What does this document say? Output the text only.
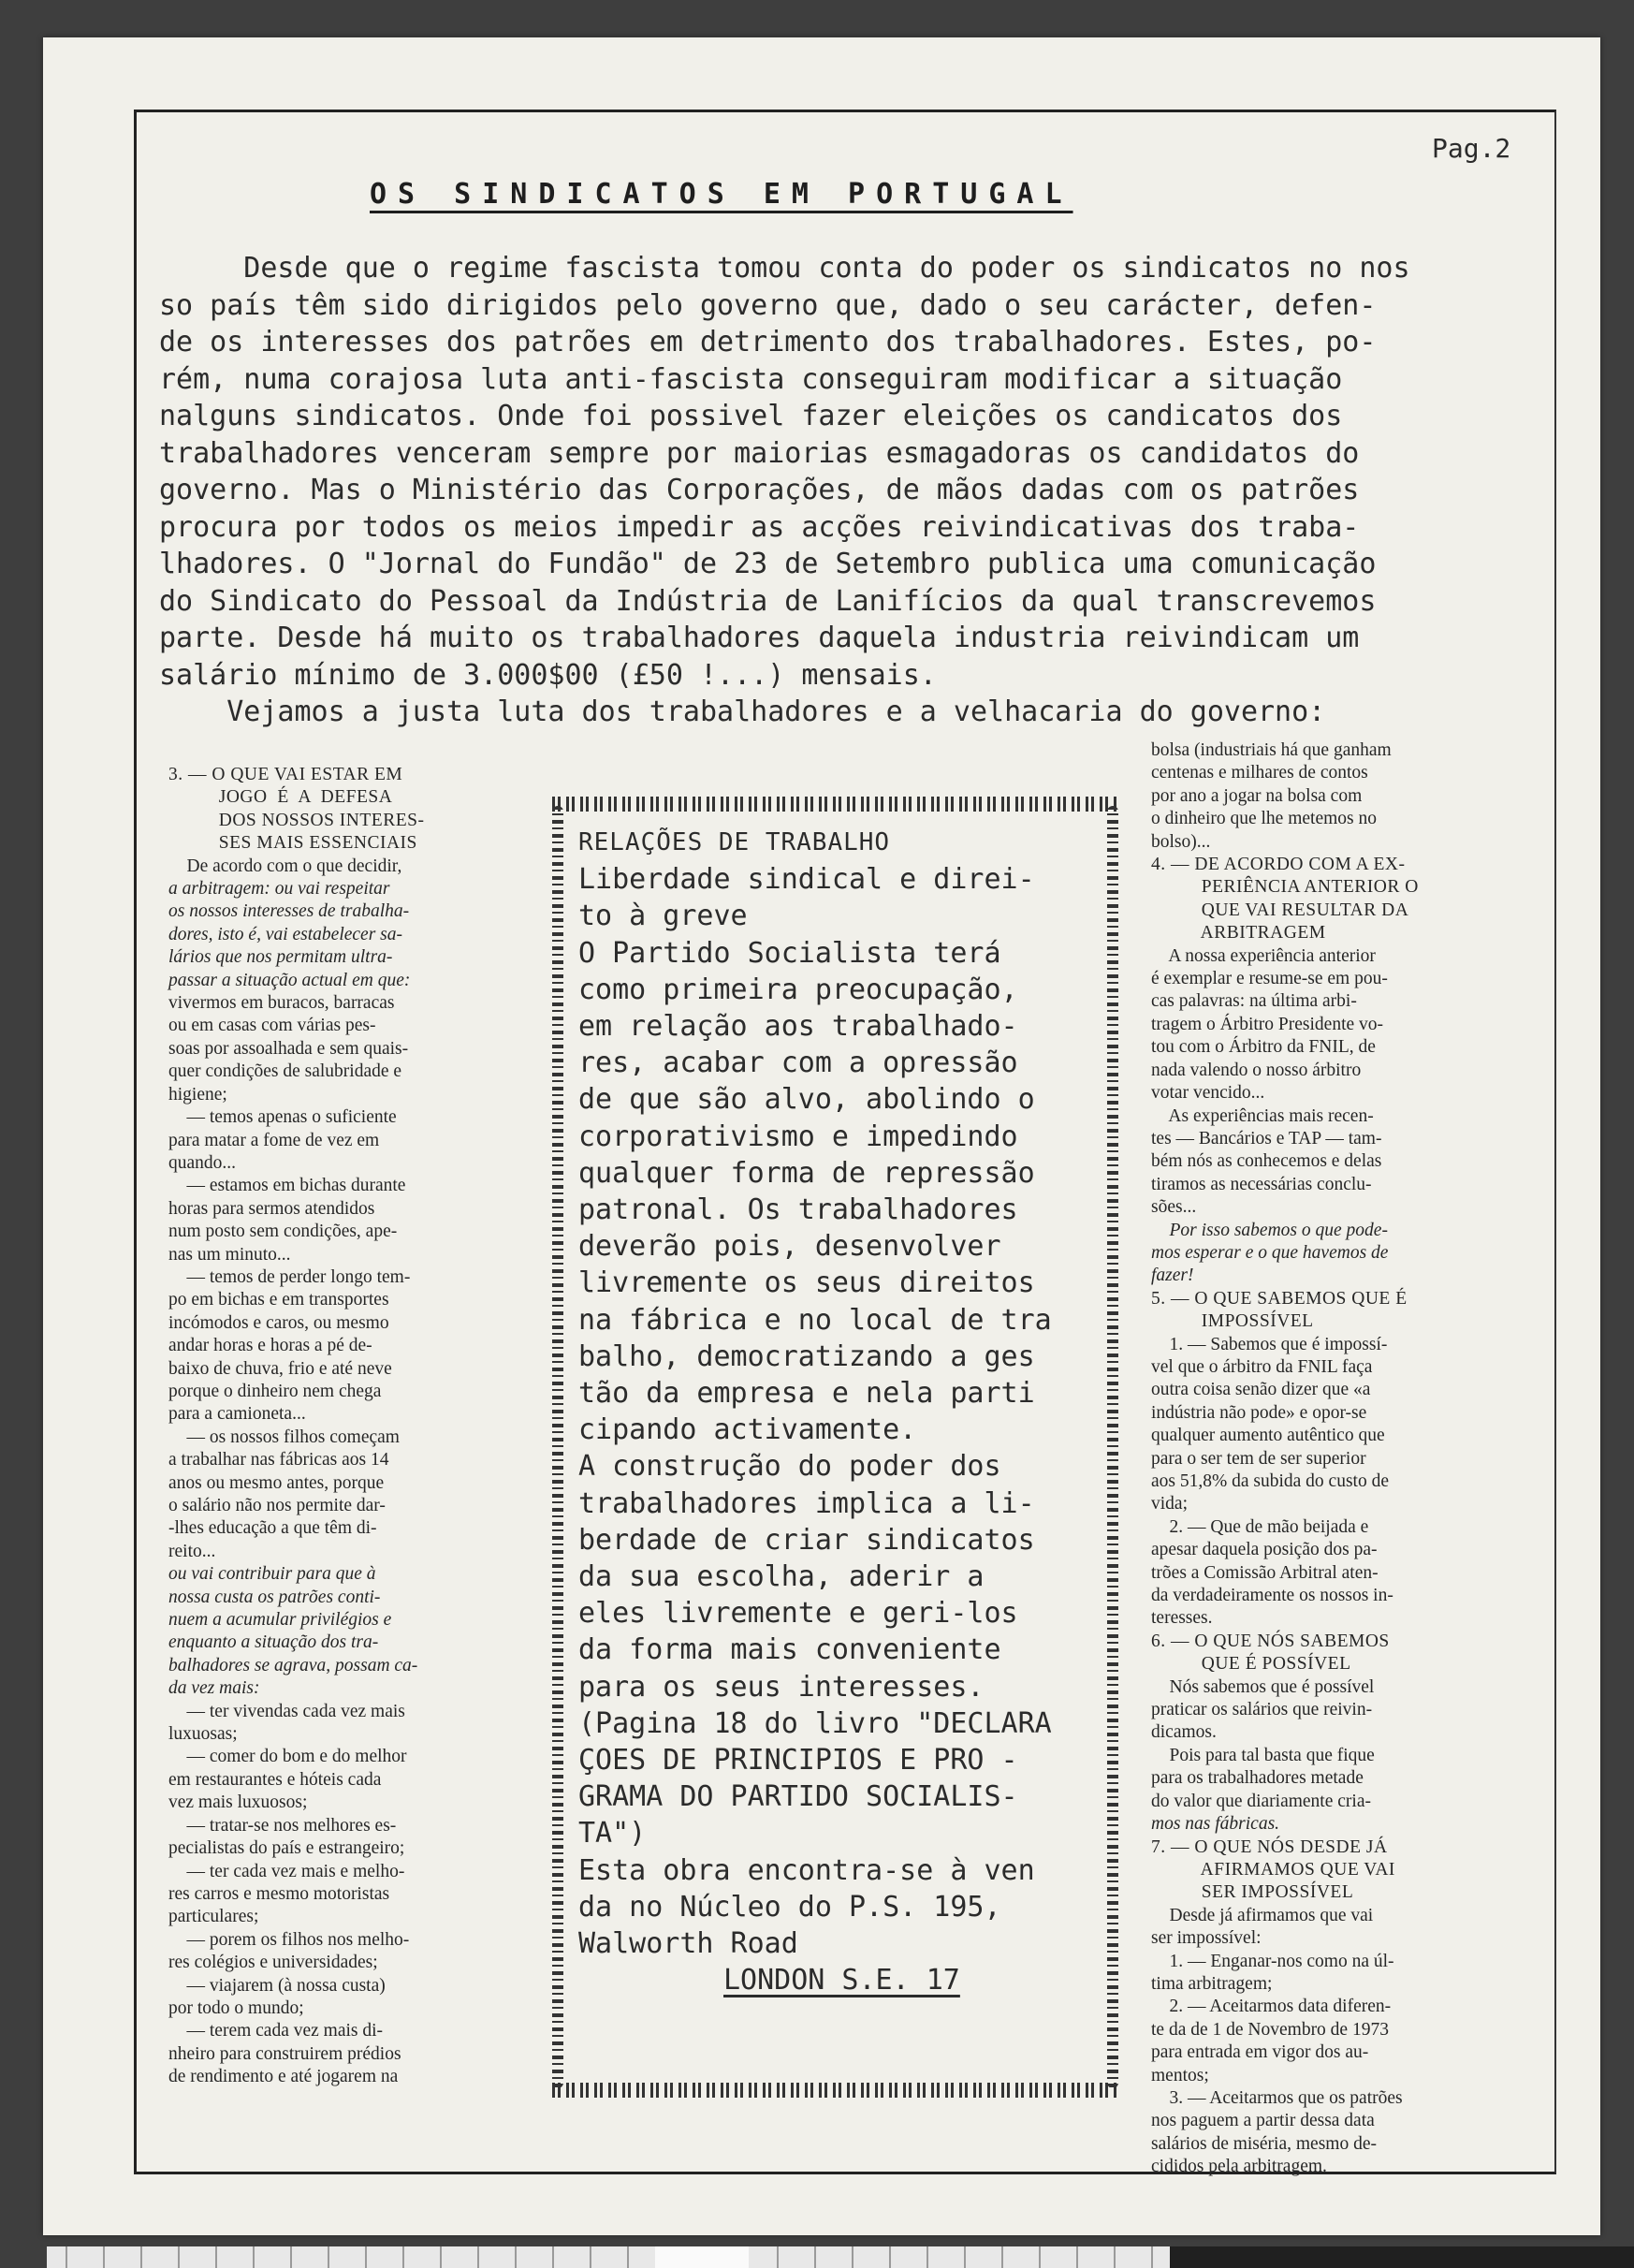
Pag.2
OS SINDICATOS EM PORTUGAL
Desde que o regime fascista tomou conta do poder os sindicatos no nos
so país têm sido dirigidos pelo governo que, dado o seu carácter, defen-
de os interesses dos patrões em detrimento dos trabalhadores. Estes, po-
rém, numa corajosa luta anti-fascista conseguiram modificar a situação
nalguns sindicatos. Onde foi possivel fazer eleições os candicatos dos
trabalhadores venceram sempre por maiorias esmagadoras os candidatos do
governo. Mas o Ministério das Corporações, de mãos dadas com os patrões
procura por todos os meios impedir as acções reivindicativas dos traba-
lhadores. O "Jornal do Fundão" de 23 de Setembro publica uma comunicação
do Sindicato do Pessoal da Indústria de Lanifícios da qual transcrevemos
parte. Desde há muito os trabalhadores daquela industria reivindicam um
salário mínimo de 3.000$00 (£50 !...) mensais.
Vejamos a justa luta dos trabalhadores e a velhacaria do governo:
3. — O QUE VAI ESTAR EM
JOGO  É  A  DEFESA
DOS NOSSOS INTERES-
SES MAIS ESSENCIAIS
De acordo com o que decidir,
a arbitragem: ou vai respeitar
os nossos interesses de trabalha-
dores, isto é, vai estabelecer sa-
lários que nos permitam ultra-
passar a situação actual em que:
vivermos em buracos, barracas
ou em casas com várias pes-
soas por assoalhada e sem quais-
quer condições de salubridade e
higiene;
— temos apenas o suficiente
para matar a fome de vez em
quando...
— estamos em bichas durante
horas para sermos atendidos
num posto sem condições, ape-
nas um minuto...
— temos de perder longo tem-
po em bichas e em transportes
incómodos e caros, ou mesmo
andar horas e horas a pé de-
baixo de chuva, frio e até neve
porque o dinheiro nem chega
para a camioneta...
— os nossos filhos começam
a trabalhar nas fábricas aos 14
anos ou mesmo antes, porque
o salário não nos permite dar-
-lhes educação a que têm di-
reito...
ou vai contribuir para que à
nossa custa os patrões conti-
nuem a acumular privilégios e
enquanto a situação dos tra-
balhadores se agrava, possam ca-
da vez mais:
— ter vivendas cada vez mais
luxuosas;
— comer do bom e do melhor
em restaurantes e hóteis cada
vez mais luxuosos;
— tratar-se nos melhores es-
pecialistas do país e estrangeiro;
— ter cada vez mais e melho-
res carros e mesmo motoristas
particulares;
— porem os filhos nos melho-
res colégios e universidades;
— viajarem (à nossa custa)
por todo o mundo;
— terem cada vez mais di-
nheiro para construirem prédios
de rendimento e até jogarem na
RELAÇÕES DE TRABALHO
Liberdade sindical e direi-
to à greve
O Partido Socialista terá
como primeira preocupação,
em relação aos trabalhado-
res, acabar com a opressão
de que são alvo, abolindo o
corporativismo e impedindo
qualquer forma de repressão
patronal. Os trabalhadores
deverão pois, desenvolver
livremente os seus direitos
na fábrica e no local de tra
balho, democratizando a ges
tão da empresa e nela parti
cipando activamente.
A construção do poder dos
trabalhadores implica a li-
berdade de criar sindicatos
da sua escolha, aderir a
eles livremente e geri-los
da forma mais conveniente
para os seus interesses.
(Pagina 18 do livro "DECLARA
ÇOES DE PRINCIPIOS E PRO -
GRAMA DO PARTIDO SOCIALIS-
TA")
Esta obra encontra-se à ven
da no Núcleo do P.S. 195,
Walworth Road
LONDON S.E. 17
bolsa (industriais há que ganham
centenas e milhares de contos
por ano a jogar na bolsa com
o dinheiro que lhe metemos no
bolso)...
4. — DE ACORDO COM A EX-
PERIÊNCIA ANTERIOR O
QUE VAI RESULTAR DA
ARBITRAGEM
A nossa experiência anterior
é exemplar e resume-se em pou-
cas palavras: na última arbi-
tragem o Árbitro Presidente vo-
tou com o Árbitro da FNIL, de
nada valendo o nosso árbitro
votar vencido...
As experiências mais recen-
tes — Bancários e TAP — tam-
bém nós as conhecemos e delas
tiramos as necessárias conclu-
sões...
Por isso sabemos o que pode-
mos esperar e o que havemos de
fazer!
5. — O QUE SABEMOS QUE É
IMPOSSÍVEL
1. — Sabemos que é impossí-
vel que o árbitro da FNIL faça
outra coisa senão dizer que «a
indústria não pode» e opor-se
qualquer aumento autêntico que
para o ser tem de ser superior
aos 51,8% da subida do custo de
vida;
2. — Que de mão beijada e
apesar daquela posição dos pa-
trões a Comissão Arbitral aten-
da verdadeiramente os nossos in-
teresses.
6. — O QUE NÓS SABEMOS
QUE É POSSÍVEL
Nós sabemos que é possível
praticar os salários que reivin-
dicamos.
Pois para tal basta que fique
para os trabalhadores metade
do valor que diariamente cria-
mos nas fábricas.
7. — O QUE NÓS DESDE JÁ
AFIRMAMOS QUE VAI
SER IMPOSSÍVEL
Desde já afirmamos que vai
ser impossível:
1. — Enganar-nos como na úl-
tima arbitragem;
2. — Aceitarmos data diferen-
te da de 1 de Novembro de 1973
para entrada em vigor dos au-
mentos;
3. — Aceitarmos que os patrões
nos paguem a partir dessa data
salários de miséria, mesmo de-
cididos pela arbitragem.
